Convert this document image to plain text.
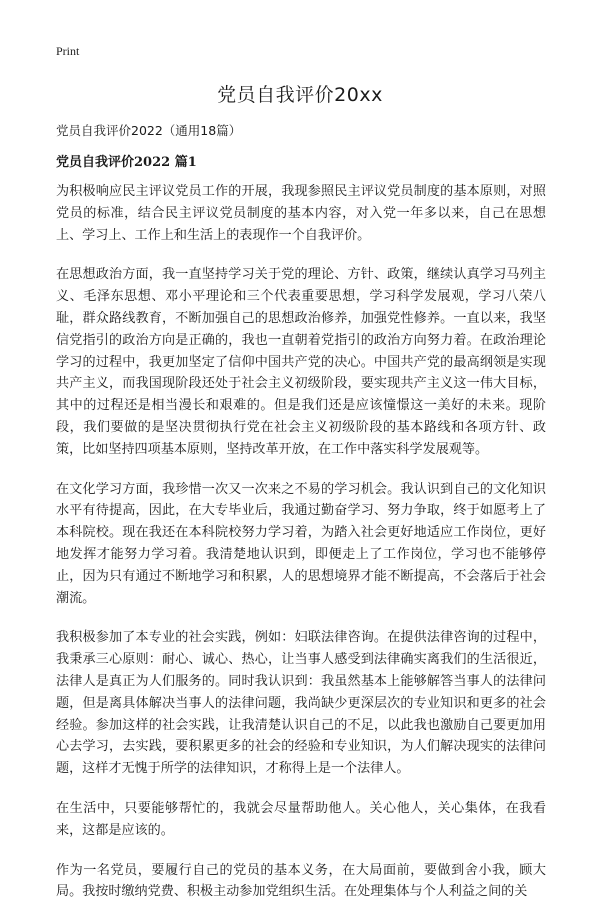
Print
党员自我评价20xx

党员自我评价2022（通用18篇）

党员自我评价2022 篇1

为积极响应民主评议党员工作的开展，我现参照民主评议党员制度的基本原则，对照党员的标准，结合民主评议党员制度的基本内容，对入党一年多以来，自己在思想上、学习上、工作上和生活上的表现作一个自我评价。

在思想政治方面，我一直坚持学习关于党的理论、方针、政策，继续认真学习马列主义、毛泽东思想、邓小平理论和三个代表重要思想，学习科学发展观，学习八荣八耻，群众路线教育，不断加强自己的思想政治修养，加强党性修养。一直以来，我坚信党指引的政治方向是正确的，我也一直朝着党指引的政治方向努力着。在政治理论学习的过程中，我更加坚定了信仰中国共产党的决心。中国共产党的最高纲领是实现共产主义，而我国现阶段还处于社会主义初级阶段，要实现共产主义这一伟大目标，其中的过程还是相当漫长和艰难的。但是我们还是应该憧憬这一美好的未来。现阶段，我们要做的是坚决贯彻执行党在社会主义初级阶段的基本路线和各项方针、政策，比如坚持四项基本原则，坚持改革开放，在工作中落实科学发展观等。

在文化学习方面，我珍惜一次又一次来之不易的学习机会。我认识到自己的文化知识水平有待提高，因此，在大专毕业后，我通过勤奋学习、努力争取，终于如愿考上了本科院校。现在我还在本科院校努力学习着，为踏入社会更好地适应工作岗位，更好地发挥才能努力学习着。我清楚地认识到，即便走上了工作岗位，学习也不能够停止，因为只有通过不断地学习和积累，人的思想境界才能不断提高，不会落后于社会潮流。

我积极参加了本专业的社会实践，例如：妇联法律咨询。在提供法律咨询的过程中，我秉承三心原则：耐心、诚心、热心，让当事人感受到法律确实离我们的生活很近，法律人是真正为人们服务的。同时我认识到：我虽然基本上能够解答当事人的法律问题，但是离具体解决当事人的法律问题，我尚缺少更深层次的专业知识和更多的社会经验。参加这样的社会实践，让我清楚认识自己的不足，以此我也激励自己要更加用心去学习，去实践，要积累更多的社会的经验和专业知识，为人们解决现实的法律问题，这样才无愧于所学的法律知识，才称得上是一个法律人。

在生活中，只要能够帮忙的，我就会尽量帮助他人。关心他人，关心集体，在我看来，这都是应该的。

作为一名党员，要履行自己的党员的基本义务，在大局面前，要做到舍小我，顾大局。我按时缴纳党费、积极主动参加党组织生活。在处理集体与个人利益之间的关
